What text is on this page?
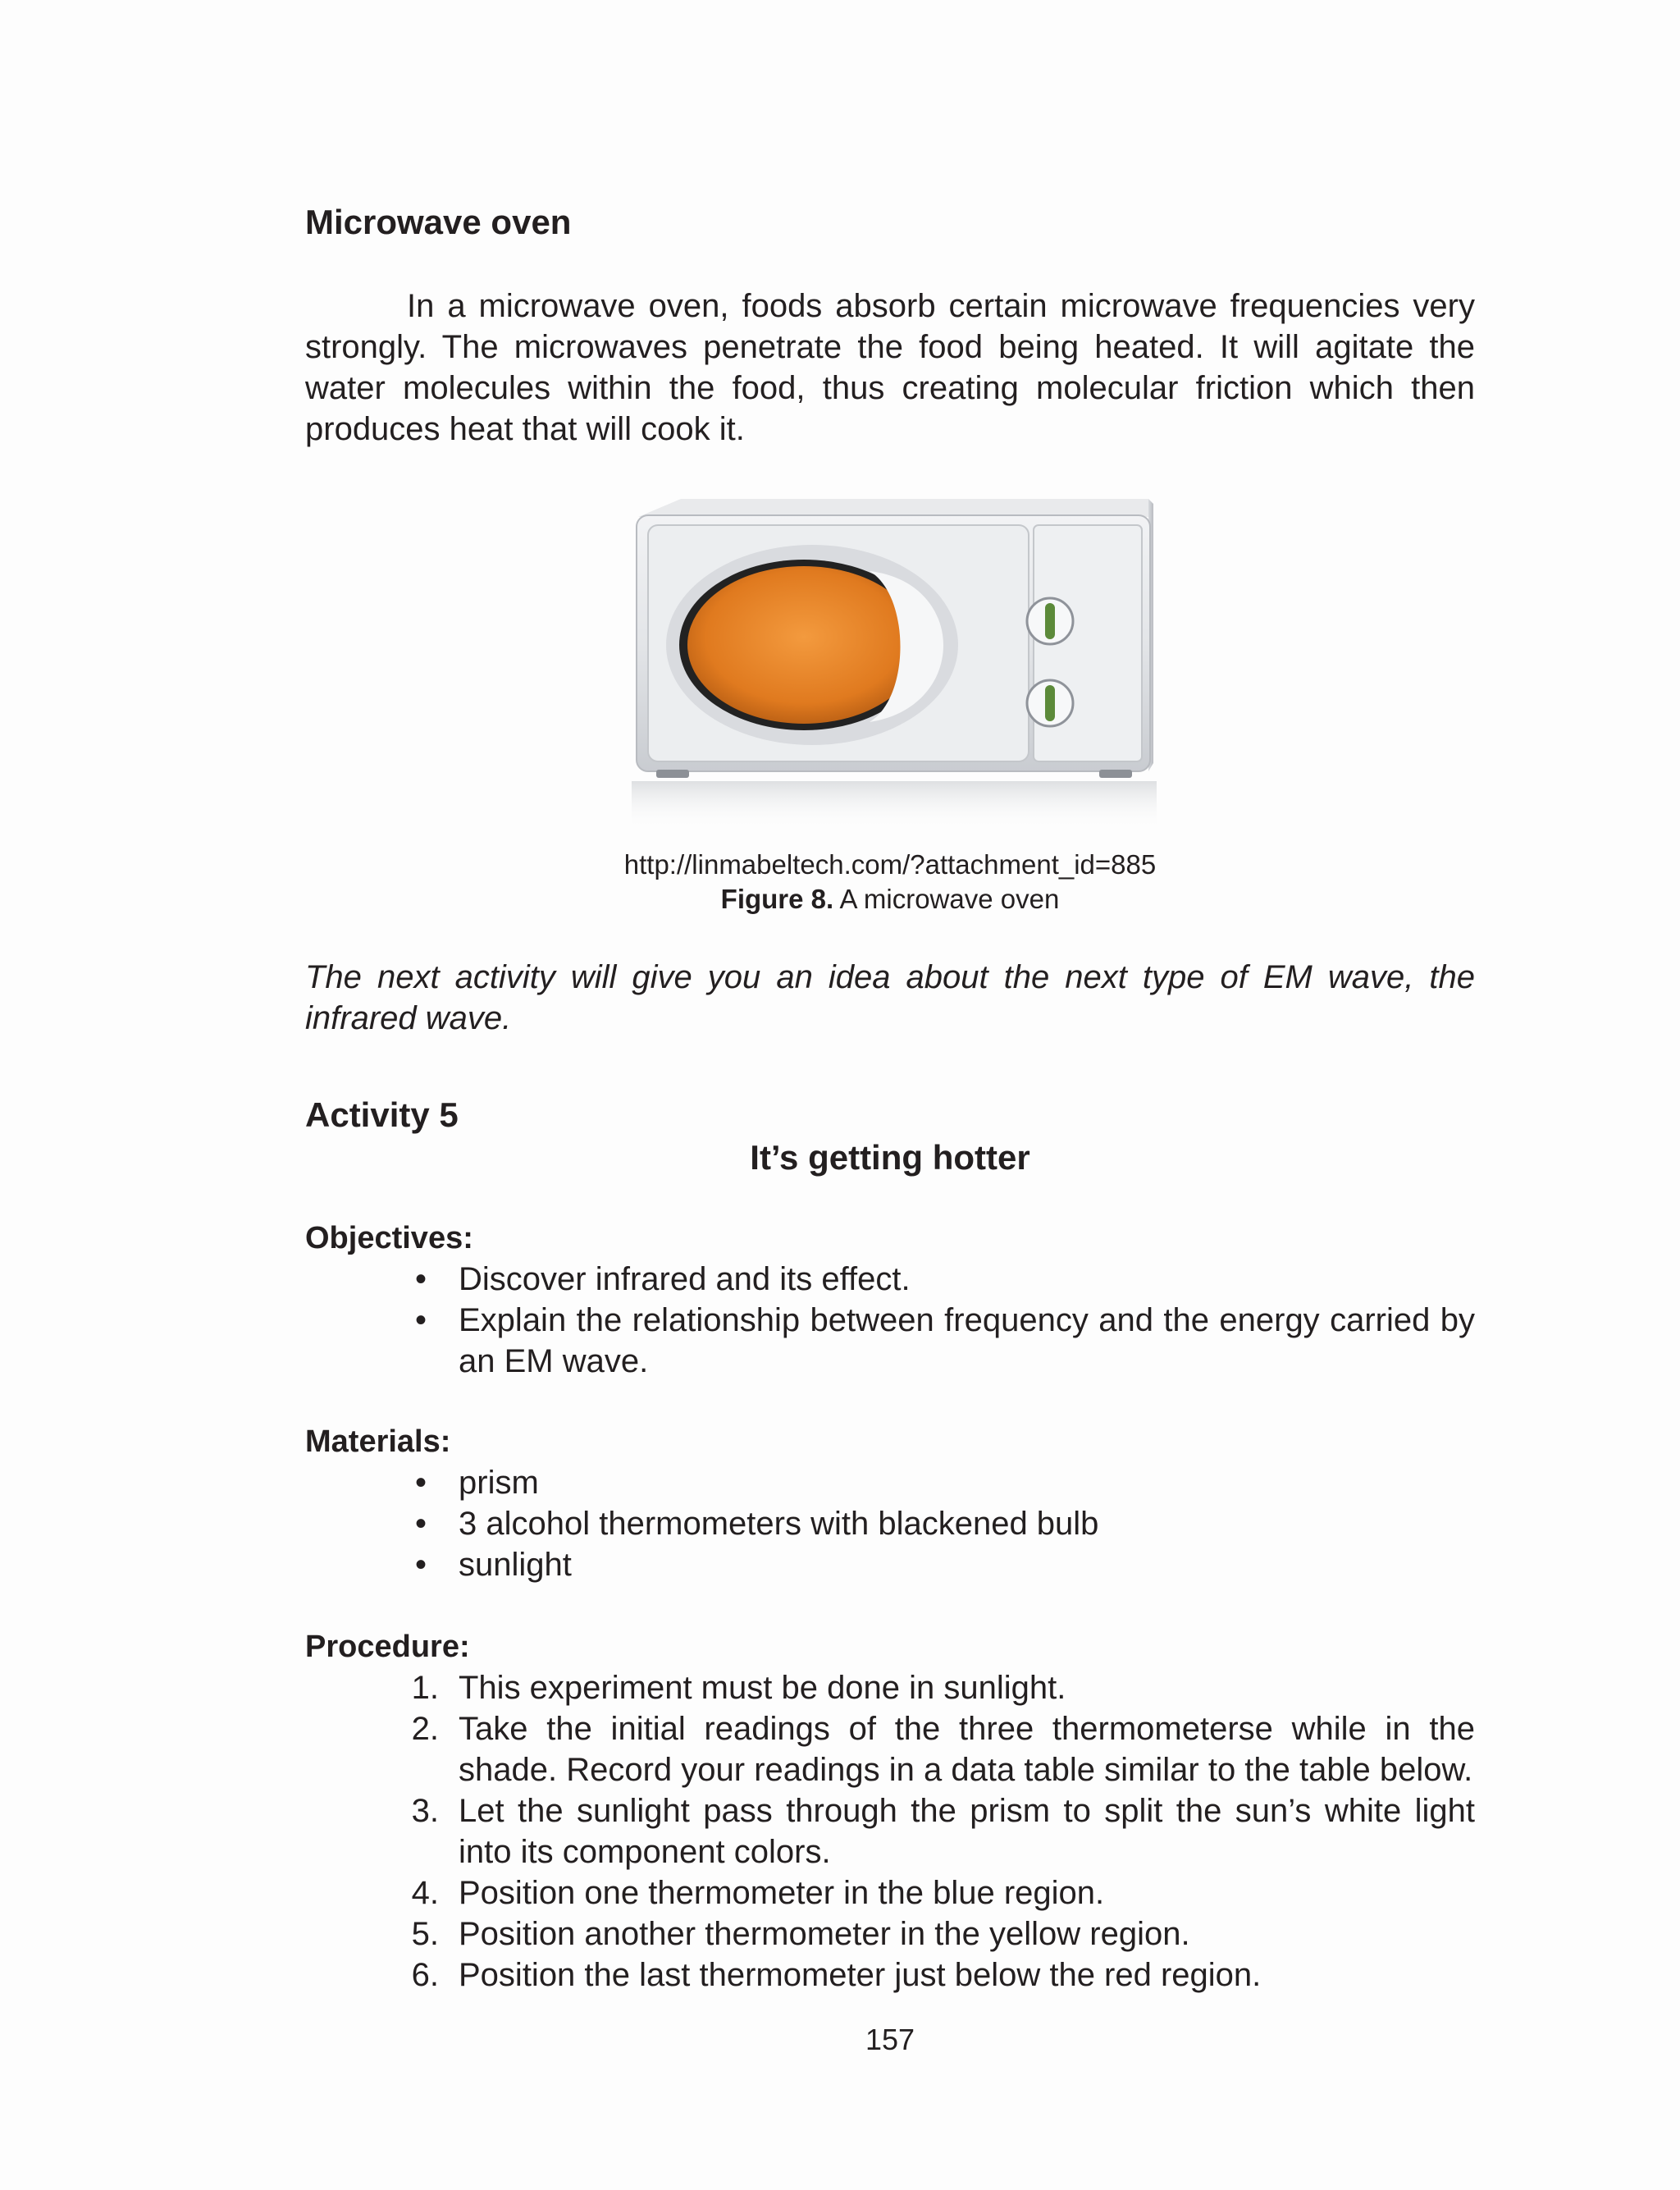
Microwave oven

In a microwave oven, foods absorb certain microwave frequencies very strongly. The microwaves penetrate the food being heated. It will agitate the water molecules within the food, thus creating molecular friction which then produces heat that will cook it.

http://linmabeltech.com/?attachment_id=885
Figure 8. A microwave oven

The next activity will give you an idea about the next type of EM wave, the infrared wave.

Activity 5
It’s getting hotter
Objectives:
• Discover infrared and its effect.
• Explain the relationship between frequency and the energy carried by an EM wave.
Materials:
• prism
• 3 alcohol thermometers with blackened bulb
• sunlight
Procedure:
1. This experiment must be done in sunlight.
2. Take the initial readings of the three thermometerse while in the shade. Record your readings in a data table similar to the table below.
3. Let the sunlight pass through the prism to split the sun’s white light into its component colors.
4. Position one thermometer in the blue region.
5. Position another thermometer in the yellow region.
6. Position the last thermometer just below the red region.
157
